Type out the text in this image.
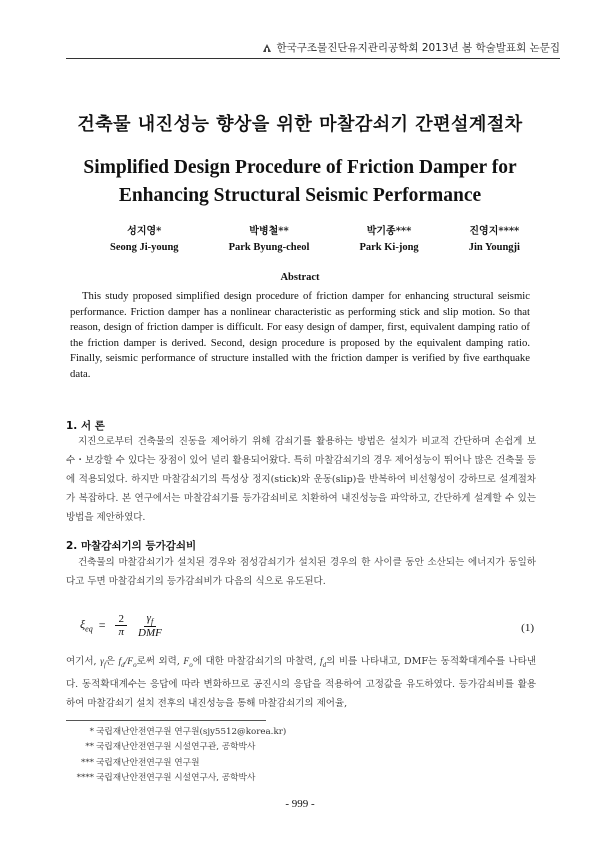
한국구조물진단유지관리공학회 2013년 봄 학술발표회 논문집
건축물 내진성능 향상을 위한 마찰감쇠기 간편설계절차
Simplified Design Procedure of Friction Damper for
Enhancing Structural Seismic Performance
성지영*
Seong Ji-young
박병철**
Park Byung-cheol
박기종***
Park Ki-jong
진영지****
Jin Youngji
Abstract

This study proposed simplified design procedure of friction damper for enhancing structural seismic performance. Friction damper has a nonlinear characteristic as performing stick and slip motion. So that reason, design of friction damper is difficult. For easy design of damper, first, equivalent damping ratio of the friction damper is derived. Second, design procedure is proposed by the equivalent damping ratio. Finally, seismic performance of structure installed with the friction damper is verified by five earthquake data.

1. 서 론

지진으로부터 건축물의 진동을 제어하기 위해 감쇠기를 활용하는 방법은 설치가 비교적 간단하며 손쉽게 보수・보강할 수 있다는 장점이 있어 널리 활용되어왔다. 특히 마찰감쇠기의 경우 제어성능이 뛰어나 많은 건축물 등에 적용되었다. 하지만 마찰감쇠기의 특성상 정지(stick)와 운동(slip)을 반복하여 비선형성이 강하므로 설계절차가 복잡하다. 본 연구에서는 마찰감쇠기를 등가감쇠비로 치환하여 내진성능을 파악하고, 간단하게 설계할 수 있는 방법을 제안하였다.

2. 마찰감쇠기의 등가감쇠비

건축물의 마찰감쇠기가 설치된 경우와 점성감쇠기가 설치된 경우의 한 사이클 동안 소산되는 에너지가 동일하다고 두면 마찰감쇠기의 등가감쇠비가 다음의 식으로 유도된다.

$\xi_{eq} = \frac{2}{\pi} \frac{\gamma_f}{\text{DMF}}$	(1)

여기서, $\gamma_f$은 $f_d/F_o$로써 외력, $F_o$에 대한 마찰감쇠기의 마찰력, $f_d$의 비를 나타내고, DMF는 동적확대계수를 나타낸다. 동적확대계수는 응답에 따라 변화하므로 공진시의 응답을 적용하여 고정값을 유도하였다. 등가감쇠비를 활용하여 마찰감쇠기 설치 전후의 내진성능을 통해 마찰감쇠기의 제어율,

* 국립재난안전연구원 연구원(sjy5512@korea.kr)
** 국립재난안전연구원 시설연구관, 공학박사
*** 국립재난안전연구원 연구원
**** 국립재난안전연구원 시설연구사, 공학박사
- 999 -
